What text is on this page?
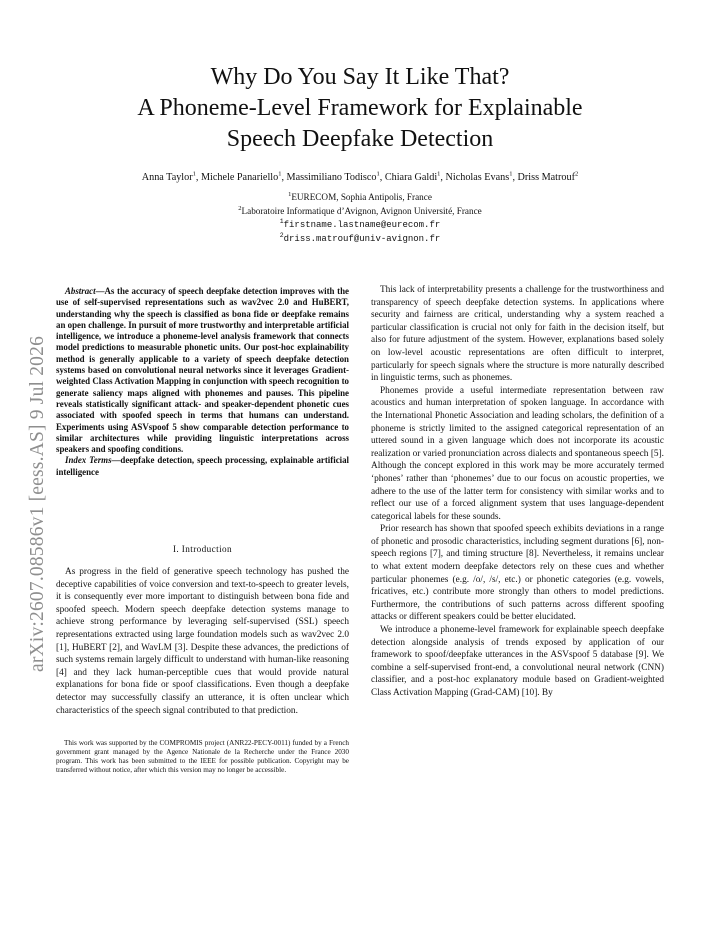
Why Do You Say It Like That?
A Phoneme-Level Framework for Explainable
Speech Deepfake Detection
Anna Taylor$^1$, Michele Panariello$^1$, Massimiliano Todisco$^1$, Chiara Galdi$^1$, Nicholas Evans$^1$, Driss Matrouf$^2$
$^1$EURECOM, Sophia Antipolis, France
$^2$Laboratoire Informatique d’Avignon, Avignon Université, France
$^1$firstname.lastname@eurecom.fr
$^2$driss.matrouf@univ-avignon.fr
arXiv:2607.08586v1 [eess.AS] 9 Jul 2026

Abstract—As the accuracy of speech deepfake detection improves with the use of self-supervised representations such as wav2vec 2.0 and HuBERT, understanding why the speech is classified as bona fide or deepfake remains an open challenge. In pursuit of more trustworthy and interpretable artificial intelligence, we introduce a phoneme-level analysis framework that connects model predictions to measurable phonetic units. Our post-hoc explainability method is generally applicable to a variety of speech deepfake detection systems based on convolutional neural networks since it leverages Gradient-weighted Class Activation Mapping in conjunction with speech recognition to generate saliency maps aligned with phonemes and pauses. This pipeline reveals statistically significant attack- and speaker-dependent phonetic cues associated with spoofed speech in terms that humans can understand. Experiments using ASVspoof 5 show comparable detection performance to similar architectures while providing linguistic interpretations across speakers and spoofing conditions.

Index Terms—deepfake detection, speech processing, explainable artificial intelligence

I. Introduction

As progress in the field of generative speech technology has pushed the deceptive capabilities of voice conversion and text-to-speech to greater levels, it is consequently ever more important to distinguish between bona fide and spoofed speech. Modern speech deepfake detection systems manage to achieve strong performance by leveraging self-supervised (SSL) speech representations extracted using large foundation models such as wav2vec 2.0 [1], HuBERT [2], and WavLM [3]. Despite these advances, the predictions of such systems remain largely difficult to understand with human-like reasoning [4] and they lack human-perceptible cues that would provide natural explanations for bona fide or spoof classifications. Even though a deepfake detector may successfully classify an utterance, it is often unclear which characteristics of the speech signal contributed to that prediction.

This work was supported by the COMPROMIS project (ANR22-PECY-0011) funded by a French government grant managed by the Agence Nationale de la Recherche under the France 2030 program. This work has been submitted to the IEEE for possible publication. Copyright may be transferred without notice, after which this version may no longer be accessible.

This lack of interpretability presents a challenge for the trustworthiness and transparency of speech deepfake detection systems. In applications where security and fairness are critical, understanding why a system reached a particular classification is crucial not only for faith in the decision itself, but also for future adjustment of the system. However, explanations based solely on low-level acoustic representations are often difficult to interpret, particularly for speech signals where the structure is more naturally described in linguistic terms, such as phonemes.

Phonemes provide a useful intermediate representation between raw acoustics and human interpretation of spoken language. In accordance with the International Phonetic Association and leading scholars, the definition of a phoneme is strictly limited to the assigned categorical representation of an uttered sound in a given language which does not incorporate its acoustic realization or varied pronunciation across dialects and spontaneous speech [5]. Although the concept explored in this work may be more accurately termed ‘phones’ rather than ‘phonemes’ due to our focus on acoustic properties, we adhere to the use of the latter term for consistency with similar works and to reflect our use of a forced alignment system that uses language-dependent categorical labels for these sounds.

Prior research has shown that spoofed speech exhibits deviations in a range of phonetic and prosodic characteristics, including segment durations [6], non-speech regions [7], and timing structure [8]. Nevertheless, it remains unclear to what extent modern deepfake detectors rely on these cues and whether particular phonemes (e.g. /o/, /s/, etc.) or phonetic categories (e.g. vowels, fricatives, etc.) contribute more strongly than others to model predictions. Furthermore, the contributions of such patterns across different spoofing attacks or different speakers could be better elucidated.

We introduce a phoneme-level framework for explainable speech deepfake detection alongside analysis of trends exposed by application of our framework to spoof/deepfake utterances in the ASVspoof 5 database [9]. We combine a self-supervised front-end, a convolutional neural network (CNN) classifier, and a post-hoc explanatory module based on Gradient-weighted Class Activation Mapping (Grad-CAM) [10]. By
